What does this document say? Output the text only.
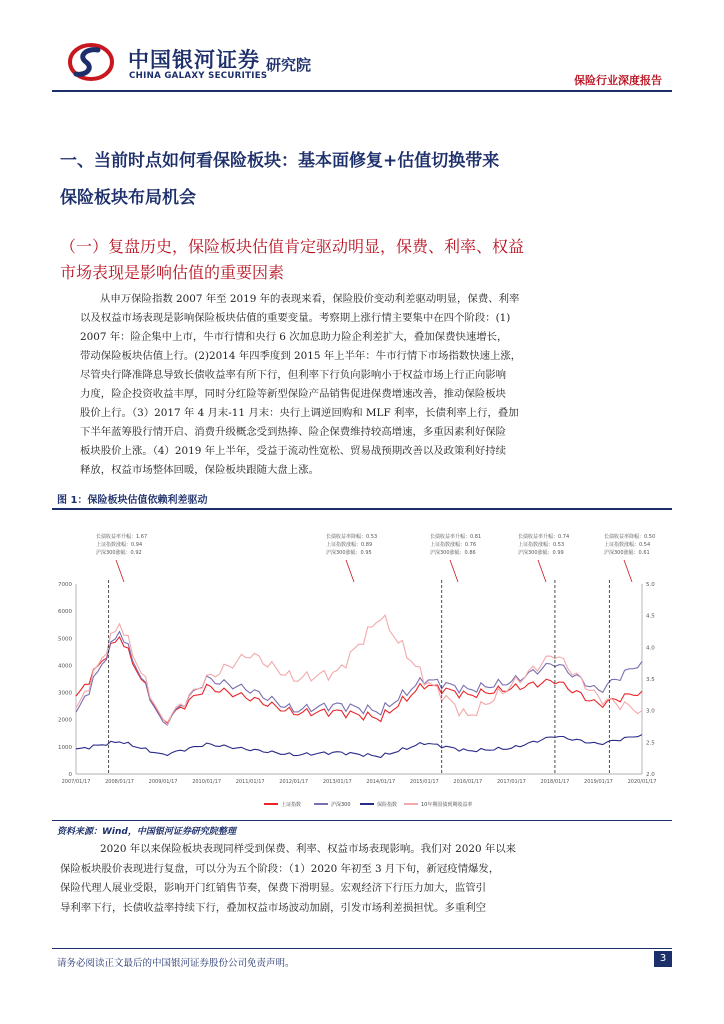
中国银河证券
CHINA GALAXY SECURITIES
研究院
保险行业深度报告
一、当前时点如何看保险板块：基本面修复+估值切换带来
保险板块布局机会
（一）复盘历史，保险板块估值肯定驱动明显，保费、利率、权益
市场表现是影响估值的重要因素

从申万保险指数 2007 年至 2019 年的表现来看，保险股价变动利差驱动明显，保费、利率

以及权益市场表现是影响保险板块估值的重要变量。考察期上涨行情主要集中在四个阶段：(1)

2007 年：险企集中上市，牛市行情和央行 6 次加息助力险企利差扩大，叠加保费快速增长，

带动保险板块估值上行。(2)2014 年四季度到 2015 年上半年：牛市行情下市场指数快速上涨，

尽管央行降准降息导致长债收益率有所下行，但利率下行负向影响小于权益市场上行正向影响

力度，险企投资收益丰厚，同时分红险等新型保险产品销售促进保费增速改善，推动保险板块

股价上行。（3）2017 年 4 月末-11 月末：央行上调逆回购和 MLF 利率，长债利率上行，叠加

下半年蓝筹股行情开启、消费升级概念受到热捧、险企保费维持较高增速，多重因素利好保险

板块股价上涨。（4）2019 年上半年，受益于流动性宽松、贸易战预期改善以及政策利好持续

释放，权益市场整体回暖，保险板块跟随大盘上涨。

图 1：保险板块估值依赖利差驱动
0
1000
2000
3000
4000
5000
6000
7000
2.0
2.5
3.0
3.5
4.0
4.5
5.0
2007/01/17	2008/01/17	2009/01/17	2010/01/17	2011/01/17	2012/01/17	2013/01/17	2014/01/17	2015/01/17	2016/01/17	2017/01/17	2018/01/17	2019/01/17	2020/01/17
长债收益率升幅：1.67
上证指数涨幅：0.94
沪深300涨幅：0.92
长债收益率降幅：0.53
上证指数涨幅：0.89
沪深300涨幅：0.95
长债收益率升幅：0.81
上证指数涨幅：0.76
沪深300涨幅：0.86
长债收益率升幅：0.74
上证指数涨幅：0.53
沪深300涨幅：0.99
长债收益率降幅：0.50
上证指数涨幅：0.54
沪深300涨幅：0.61
上证指数	沪深300	保险指数	10年期国债到期收益率
资料来源：Wind，中国银河证券研究院整理

2020 年以来保险板块表现同样受到保费、利率、权益市场表现影响。我们对 2020 年以来

保险板块股价表现进行复盘，可以分为五个阶段：（1）2020 年初至 3 月下旬，新冠疫情爆发，

保险代理人展业受限，影响开门红销售节奏，保费下滑明显。宏观经济下行压力加大，监管引

导利率下行，长债收益率持续下行，叠加权益市场波动加剧，引发市场利差损担忧。多重利空

请务必阅读正文最后的中国银河证券股份公司免责声明。	3
